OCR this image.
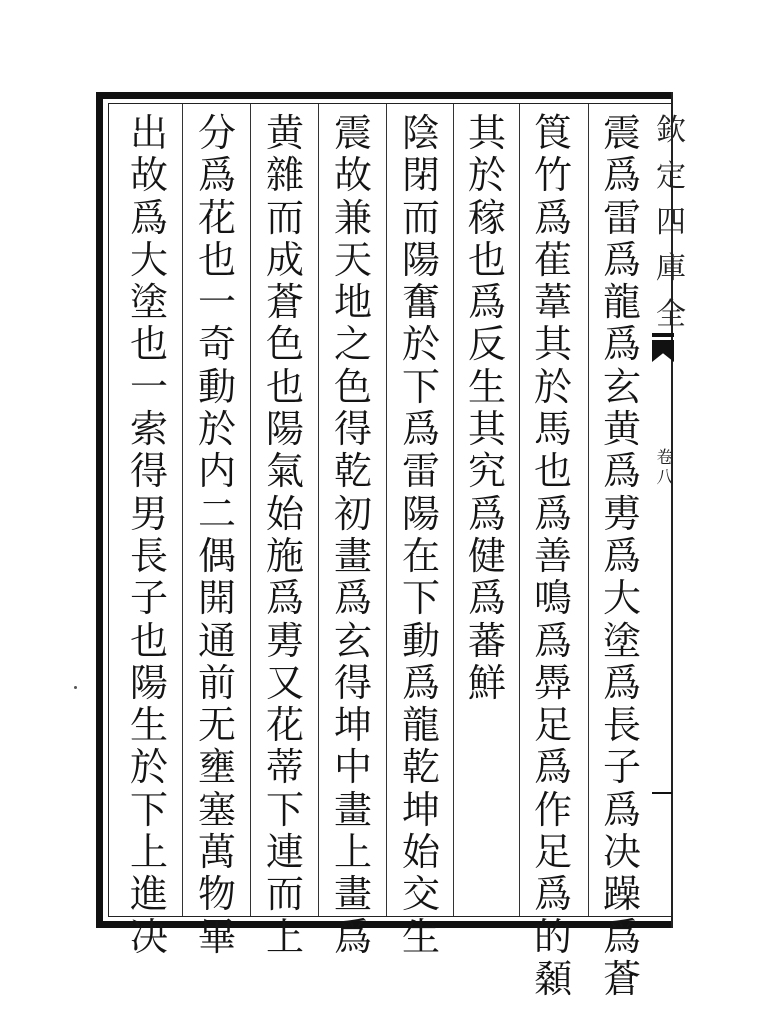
欽
定
四
庫
全
卷
八
震
爲
雷
爲
龍
爲
玄
黄
爲
旉
爲
大
塗
爲
長
子
爲
决
躁
爲
蒼
筤
竹
爲
萑
葦
其
於
馬
也
爲
善
鳴
爲
馵
足
爲
作
足
爲
的
顙
其
於
稼
也
爲
反
生
其
究
爲
健
爲
蕃
鮮
陰
閉
而
陽
奮
於
下
爲
雷
陽
在
下
動
爲
龍
乾
坤
始
交
生
震
故
兼
天
地
之
色
得
乾
初
畫
爲
玄
得
坤
中
畫
上
畫
爲
黄
雜
而
成
蒼
色
也
陽
氣
始
施
爲
旉
又
花
蒂
下
連
而
上
分
爲
花
也
一
奇
動
於
内
二
偶
開
通
前
无
壅
塞
萬
物
畢
出
故
爲
大
塗
也
一
索
得
男
長
子
也
陽
生
於
下
上
進
决
